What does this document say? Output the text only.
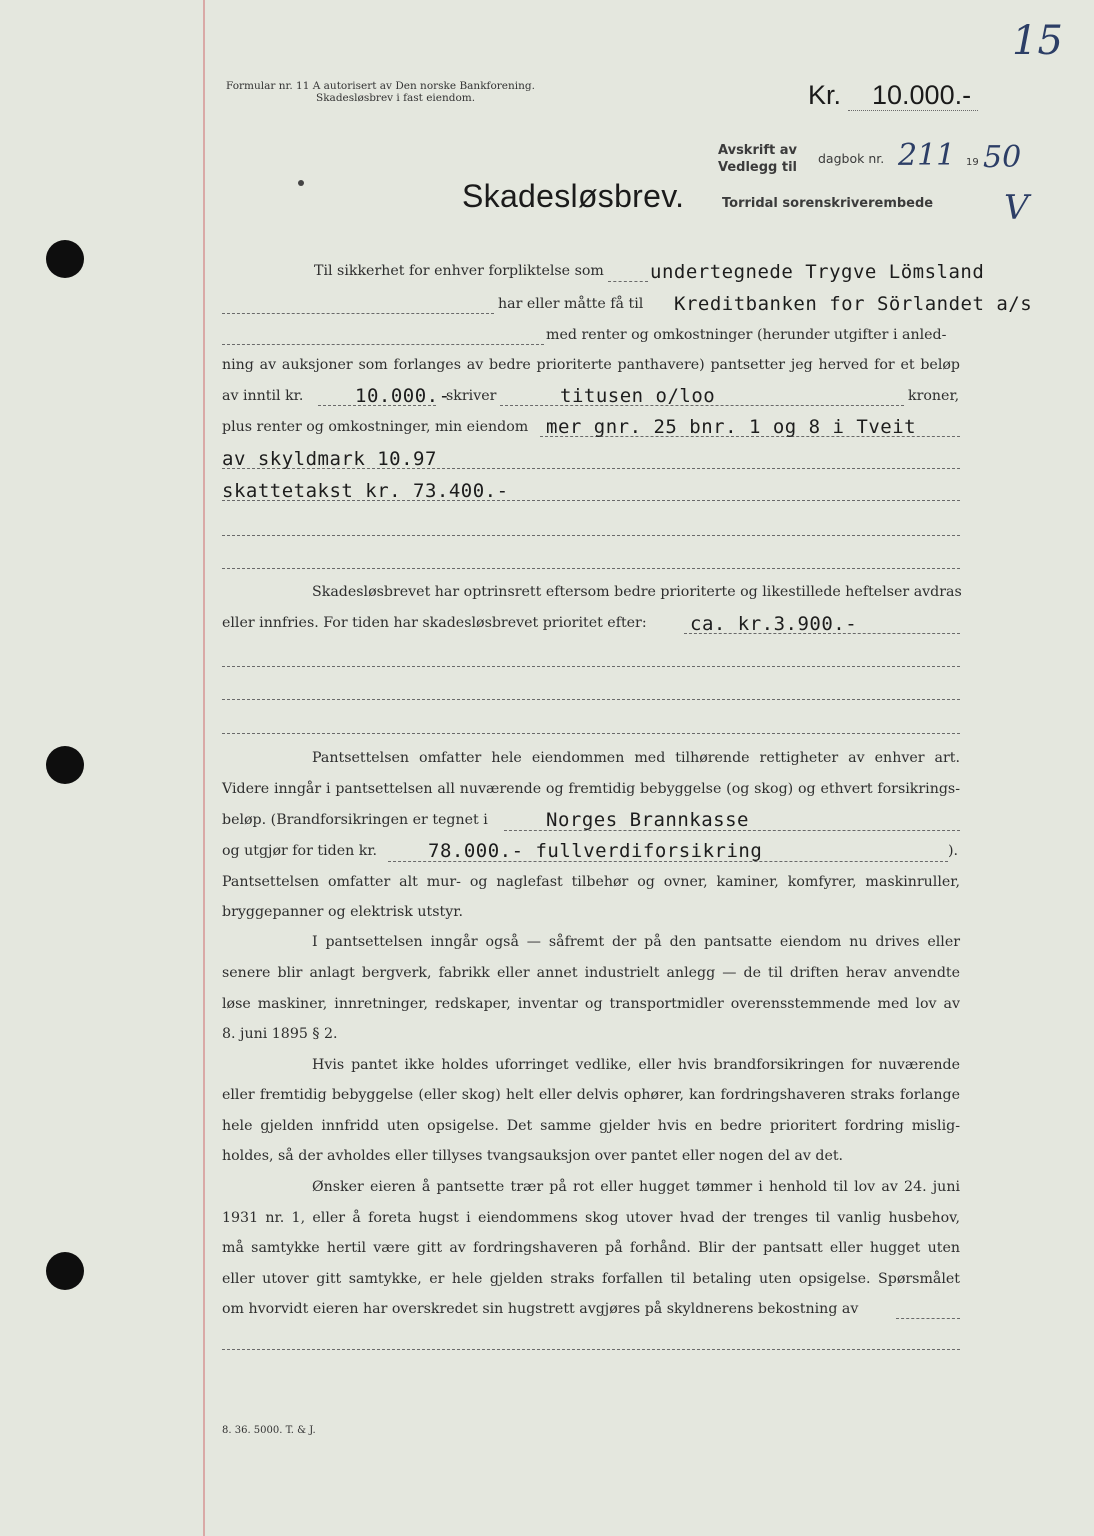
15
Formular nr. 11 A autorisert av Den norske Bankforening.
Skadesløsbrev i fast eiendom.	Kr. 10.000.-
Avskrift av
Vedlegg til
dagbok nr. 211 19 50
Torridal sorenskriverembede V
Skadesløsbrev.
Til sikkerhet for enhver forpliktelse som undertegnede Trygve Lömsland
har eller måtte få til Kreditbanken for Sörlandet a/s
med renter og omkostninger (herunder utgifter i anled-
ning av auksjoner som forlanges av bedre prioriterte panthavere) pantsetter jeg herved for et beløp
av inntil kr.	10.000.-
skriver	titusen o/loo	kroner,
plus renter og omkostninger, min eiendom mer gnr. 25 bnr. 1 og 8 i Tveit
av skyldmark 10.97
skattetakst kr. 73.400.-
Skadesløsbrevet har optrinsrett eftersom bedre prioriterte og likestillede heftelser avdras
eller innfries. For tiden har skadesløsbrevet prioritet efter: ca. kr.3.900.-
Pantsettelsen omfatter hele eiendommen med tilhørende rettigheter av enhver art.
Videre inngår i pantsettelsen all nuværende og fremtidig bebyggelse (og skog) og ethvert forsikrings-
beløp. (Brandforsikringen er tegnet i	Norges Brannkasse
og utgjør for tiden kr.	78.000.- fullverdiforsikring	).
Pantsettelsen omfatter alt mur- og naglefast tilbehør og ovner, kaminer, komfyrer, maskinruller,
bryggepanner og elektrisk utstyr.
I pantsettelsen inngår også — såfremt der på den pantsatte eiendom nu drives eller
senere blir anlagt bergverk, fabrikk eller annet industrielt anlegg — de til driften herav anvendte
løse maskiner, innretninger, redskaper, inventar og transportmidler overensstemmende med lov av
8. juni 1895 § 2.
Hvis pantet ikke holdes uforringet vedlike, eller hvis brandforsikringen for nuværende
eller fremtidig bebyggelse (eller skog) helt eller delvis ophører, kan fordringshaveren straks forlange
hele gjelden innfridd uten opsigelse. Det samme gjelder hvis en bedre prioritert fordring mislig-
holdes, så der avholdes eller tillyses tvangsauksjon over pantet eller nogen del av det.
Ønsker eieren å pantsette trær på rot eller hugget tømmer i henhold til lov av 24. juni
1931 nr. 1, eller å foreta hugst i eiendommens skog utover hvad der trenges til vanlig husbehov,
må samtykke hertil være gitt av fordringshaveren på forhånd. Blir der pantsatt eller hugget uten
eller utover gitt samtykke, er hele gjelden straks forfallen til betaling uten opsigelse. Spørsmålet
om hvorvidt eieren har overskredet sin hugstrett avgjøres på skyldnerens bekostning av
8. 36. 5000. T. & J.
